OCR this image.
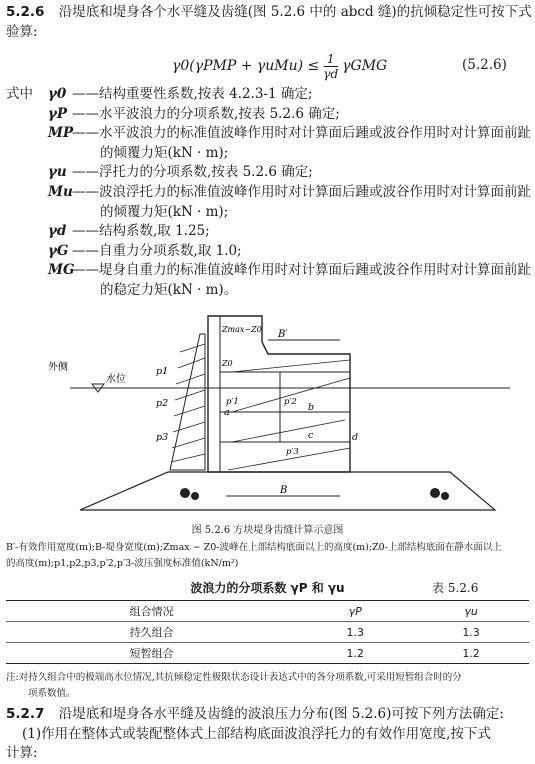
5.2.6 沿堤底和堤身各个水平缝及齿缝(图 5.2.6 中的 abcd 缝)的抗倾稳定性可按下式
验算:
$\gamma 0(\gamma PMP + \gamma uMu) \le \frac{1}{\gamma d}$ γGMG	(5.2.6)
式中 γ0 ——结构重要性系数,按表 4.2.3-1 确定;
γP ——水平波浪力的分项系数,按表 5.2.6 确定;
MP——水平波浪力的标准值波峰作用时对计算面后踵或波谷作用时对计算面前趾
的倾覆力矩(kN · m);
γu ——浮托力的分项系数,按表 5.2.6 确定;
Mu——波浪浮托力的标准值波峰作用时对计算面后踵或波谷作用时对计算面前趾
的倾覆力矩(kN · m);
γd ——结构系数,取 1.25;
γG ——自重力分项系数,取 1.0;
MG——堤身自重力的标准值波峰作用时对计算面后踵或波谷作用时对计算面前趾
的稳定力矩(kN · m)。
外侧
水位
p1
p2
p3
B′
B
p′1	p′2
p′3
Zmax−Z0
Z0
a	b
c	d
图 5.2.6 方块堤身齿缝计算示意图
B′-有效作用宽度(m);B-堤身宽度(m);Zmax − Z0-波峰在上部结构底面以上的高度(m);Z0-上部结构底面在静水面以上
的高度(m);p1,p2,p3,p′2,p′3-波压强度标准值(kN/m²)
波浪力的分项系数 γP 和 γu	表 5.2.6
组合情况	γP	γu
持久组合	1.3	1.3
短暂组合	1.2	1.2
注:对持久组合中的极端高水位情况,其抗倾稳定性极限状态设计表达式中的各分项系数,可采用短暂组合时的分
项系数值。
5.2.7 沿堤底和堤身各水平缝及齿缝的波浪压力分布(图 5.2.6)可按下列方法确定:
(1)作用在整体式或装配整体式上部结构底面波浪浮托力的有效作用宽度,按下式
计算:
